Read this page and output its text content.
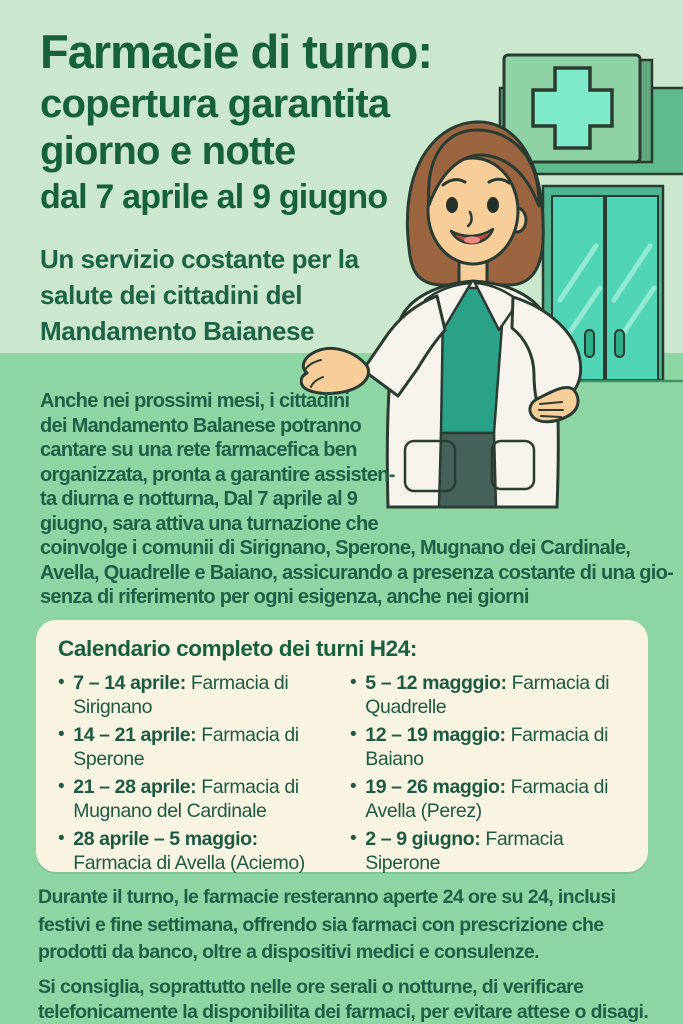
Farmacie di turno:
copertura garantita
giorno e notte
dal 7 aprile al 9 giugno
Un servizio costante per la
salute dei cittadini del
Mandamento Baianese
Anche nei prossimi mesi, i cittadini
dei Mandamento Balanese potranno
cantare su una rete farmacefica ben
organizzata, pronta a garantire assisten-
ta diurna e notturna, Dal 7 aprile al 9
giugno, sara attiva una turnazione che
coinvolge i comunii di Sirignano, Sperone, Mugnano dei Cardinale,
Avella, Quadrelle e Baiano, assicurando a presenza costante di una gio-
senza di riferimento per ogni esigenza, anche nei giorni
Calendario completo dei turni H24:
• 7 – 14 aprile: Farmacia di Sirignano
• 14 – 21 aprile: Farmacia di Sperone
• 21 – 28 aprile: Farmacia di Mugnano del Cardinale
• 28 aprile – 5 maggio: Farmacia di Avella (Aciemo)
• 5 – 12 magggio: Farmacia di Quadrelle
• 12 – 19 maggio: Farmacia di Baiano
• 19 – 26 maggio: Farmacia di Avella (Perez)
• 2 – 9 giugno: Farmacia Siperone
Durante il turno, le farmacie resteranno aperte 24 ore su 24, inclusi
festivi e fine settimana, offrendo sia farmaci con prescrizione che
prodotti da banco, oltre a dispositivi medici e consulenze.
Si consiglia, soprattutto nelle ore serali o notturne, di verificare
telefonicamente la disponibilita dei farmaci, per evitare attese o disagi.
